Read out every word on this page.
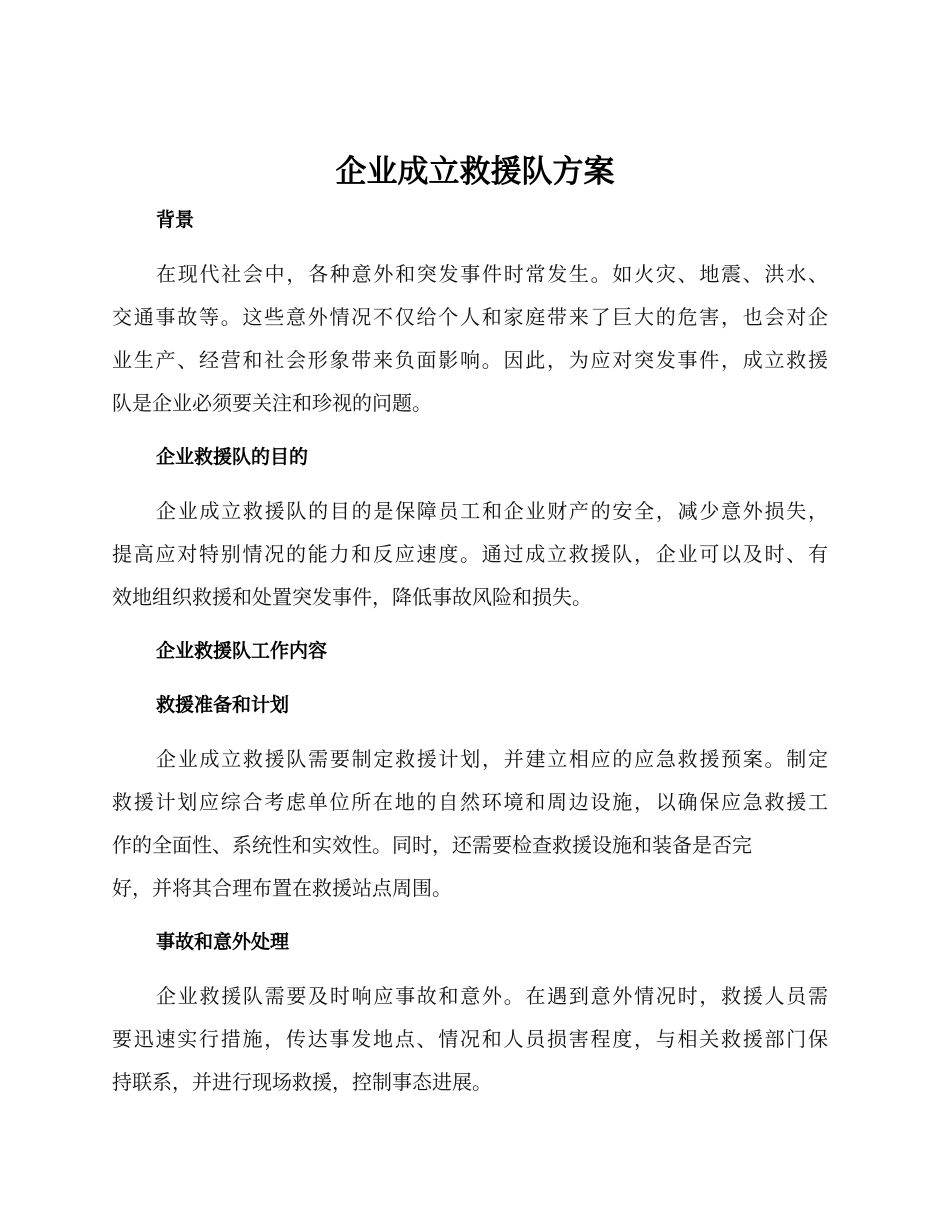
企业成立救援队方案
背景
在现代社会中，各种意外和突发事件时常发生。如火灾、地震、洪水、
交通事故等。这些意外情况不仅给个人和家庭带来了巨大的危害，也会对企
业生产、经营和社会形象带来负面影响。因此，为应对突发事件，成立救援
队是企业必须要关注和珍视的问题。
企业救援队的目的
企业成立救援队的目的是保障员工和企业财产的安全，减少意外损失，
提高应对特别情况的能力和反应速度。通过成立救援队，企业可以及时、有
效地组织救援和处置突发事件，降低事故风险和损失。
企业救援队工作内容
救援准备和计划
企业成立救援队需要制定救援计划，并建立相应的应急救援预案。制定
救援计划应综合考虑单位所在地的自然环境和周边设施，以确保应急救援工
作的全面性、系统性和实效性。同时，还需要检查救援设施和装备是否完
好，并将其合理布置在救援站点周围。
事故和意外处理
企业救援队需要及时响应事故和意外。在遇到意外情况时，救援人员需
要迅速实行措施，传达事发地点、情况和人员损害程度，与相关救援部门保
持联系，并进行现场救援，控制事态进展。
